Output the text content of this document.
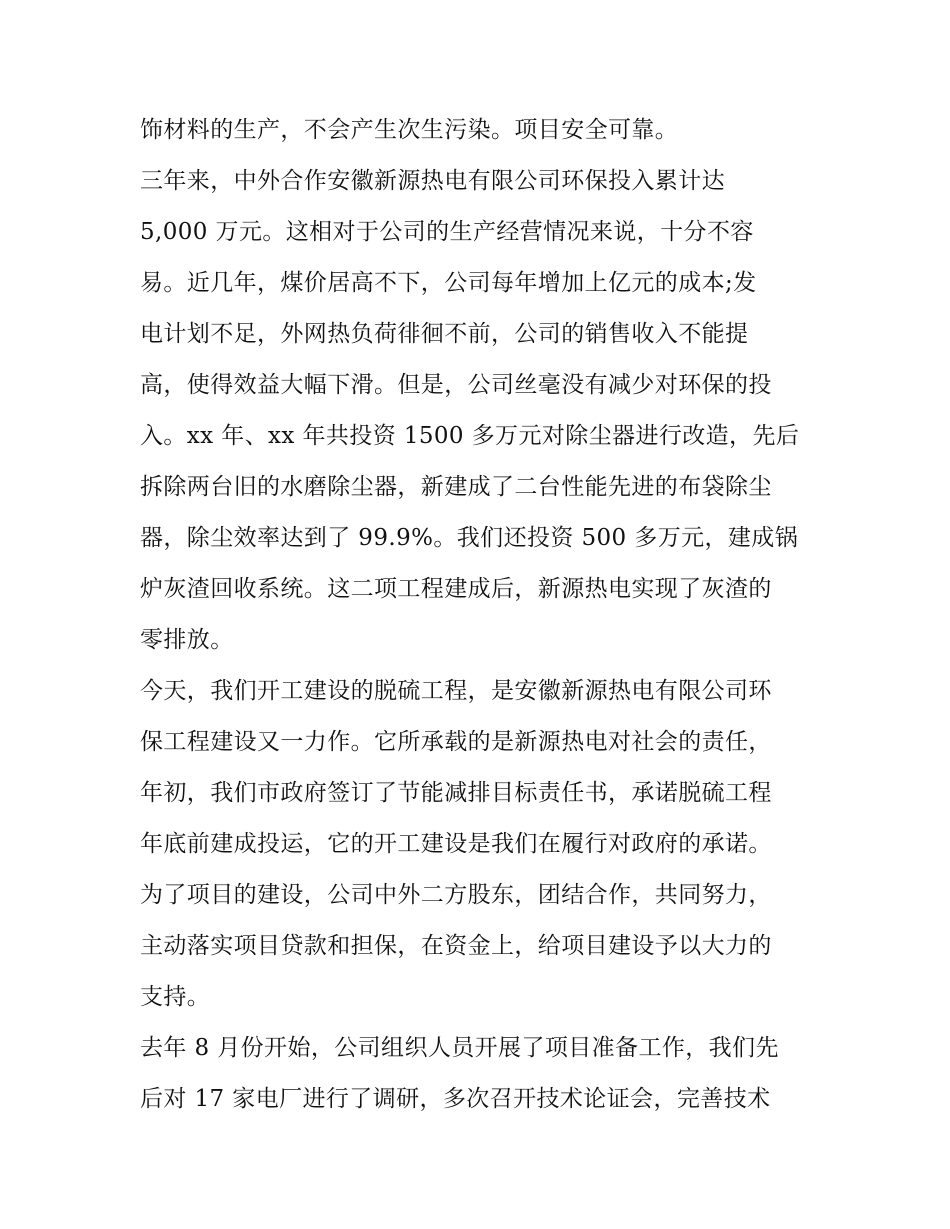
饰材料的生产，不会产生次生污染。项目安全可靠。
三年来，中外合作安徽新源热电有限公司环保投入累计达
5,000 万元。这相对于公司的生产经营情况来说，十分不容
易。近几年，煤价居高不下，公司每年增加上亿元的成本;发
电计划不足，外网热负荷徘徊不前，公司的销售收入不能提
高，使得效益大幅下滑。但是，公司丝毫没有减少对环保的投
入。xx 年、xx 年共投资 1500 多万元对除尘器进行改造，先后
拆除两台旧的水磨除尘器，新建成了二台性能先进的布袋除尘
器，除尘效率达到了 99.9%。我们还投资 500 多万元，建成锅
炉灰渣回收系统。这二项工程建成后，新源热电实现了灰渣的
零排放。
今天，我们开工建设的脱硫工程，是安徽新源热电有限公司环
保工程建设又一力作。它所承载的是新源热电对社会的责任，
年初，我们市政府签订了节能减排目标责任书，承诺脱硫工程
年底前建成投运，它的开工建设是我们在履行对政府的承诺。
为了项目的建设，公司中外二方股东，团结合作，共同努力，
主动落实项目贷款和担保，在资金上，给项目建设予以大力的
支持。
去年 8 月份开始，公司组织人员开展了项目准备工作，我们先
后对 17 家电厂进行了调研，多次召开技术论证会，完善技术
